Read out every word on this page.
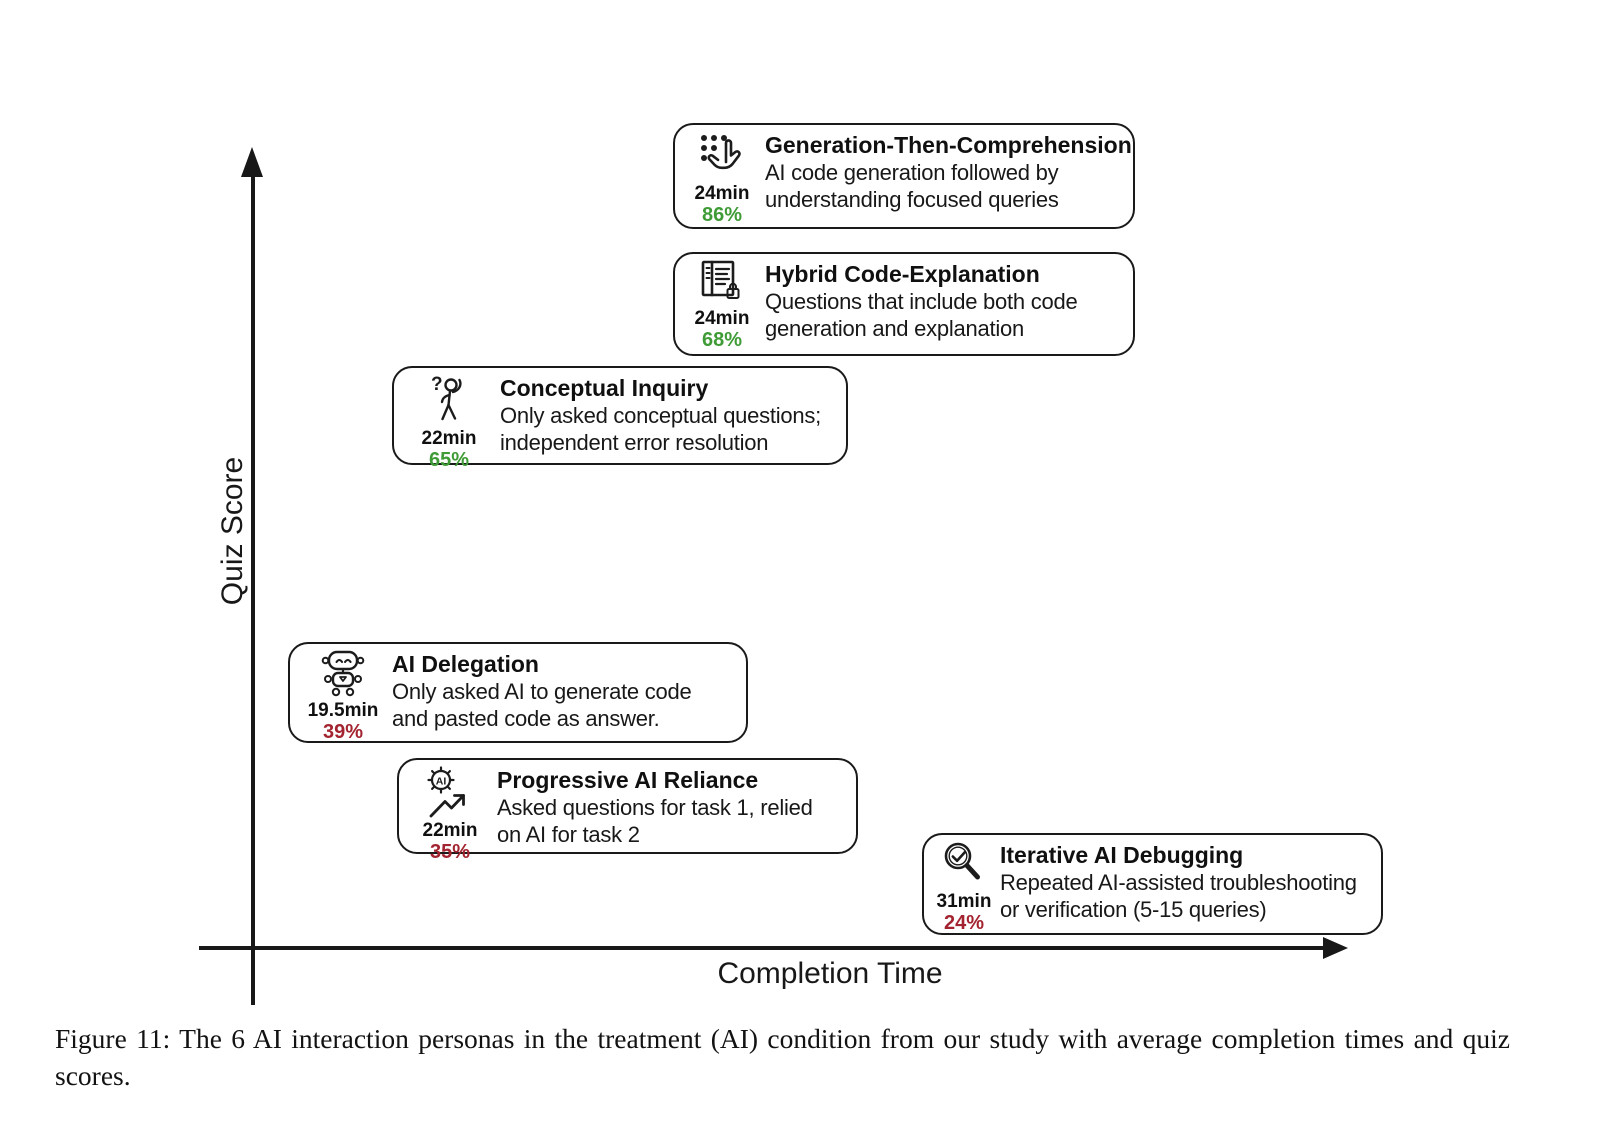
Quiz Score
Completion Time
24min
86%
Generation-Then-Comprehension
AI code generation followed by
understanding focused queries
24min
68%
Hybrid Code-Explanation
Questions that include both code
generation and explanation
?
22min
65%
Conceptual Inquiry
Only asked conceptual questions;
independent error resolution
19.5min
39%
AI Delegation
Only asked AI to generate code
and pasted code as answer.
AI
22min
35%
Progressive AI Reliance
Asked questions for task 1, relied
on AI for task 2
31min
24%
Iterative AI Debugging
Repeated AI-assisted troubleshooting
or verification (5-15 queries)
Figure 11: The 6 AI interaction personas in the treatment (AI) condition from our study with average completion times and quiz scores.
